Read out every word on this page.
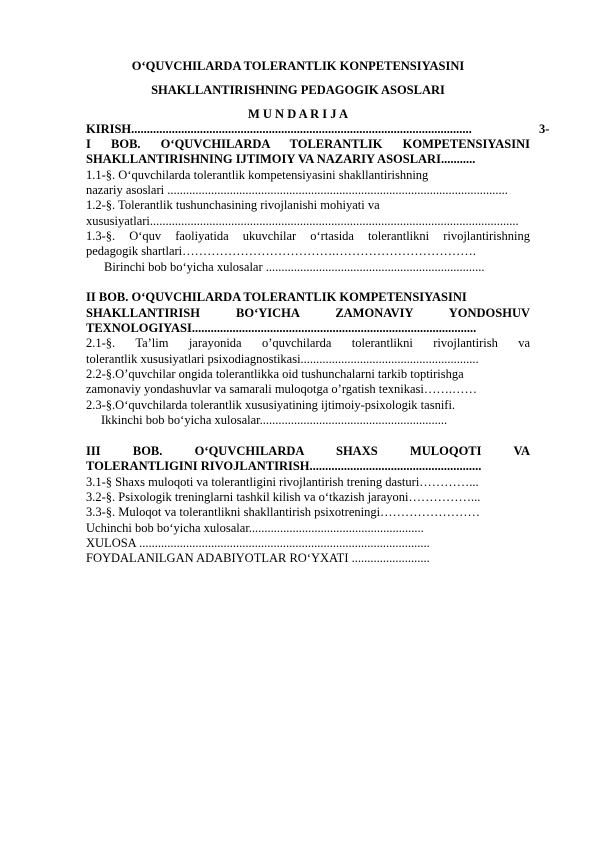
O‘QUVCHILARDA TOLERANTLIK KONPETENSIYASINI

SHAKLLANTIRISHNING PEDAGOGIK ASOSLARI

M U N D A R I J A

KIRISH.............................................................................................................	3-

I BOB. O‘QUVCHILARDA TOLERANTLIK KOMPETENSIYASINI

SHAKLLANTIRISHNING IJTIMOIY VA NAZARIY ASOSLARI...........

1.1-§. O‘quvchilarda tolerantlik kompetensiyasini shakllantirishning

nazariy asoslari .............................................................................................................

1.2-§. Tolerantlik tushunchasining rivojlanishi mohiyati va

xususiyatlari......................................................................................................................

1.3-§. O‘quv faoliyatida ukuvchilar o‘rtasida tolerantlikni rivojlantirishning

pedagogik shartlari……………………………….…………………………….

Birinchi bob bo‘yicha xulosalar ......................................................................

II BOB. O‘QUVCHILARDA TOLERANTLIK KOMPETENSIYASINI

SHAKLLANTIRISH BO‘YICHA ZAMONAVIY YONDOSHUV

TEXNOLOGIYASI...........................................................................................

2.1-§. Ta’lim jarayonida o’quvchilarda tolerantlikni rivojlantirish va

tolerantlik xususiyatlari psixodiagnostikasi.........................................................

2.2-§.O’quvchilar ongida tolerantlikka oid tushunchalarni tarkib toptirishga

zamonaviy yondashuvlar va samarali muloqotga o’rgatish texnikasi…….……

2.3-§.O‘quvchilarda tolerantlik xususiyatining ijtimoiy-psixologik tasnifi.

Ikkinchi bob bo‘yicha xulosalar............................................................

III BOB. O‘QUVCHILARDA SHAXS MULOQOTI VA

TOLERANTLIGINI RIVOJLANTIRISH.......................................................

3.1-§ Shaxs muloqoti va tolerantligini rivojlantirish trening dasturi…………...

3.2-§. Psixologik treninglarni tashkil kilish va o‘tkazish jarayoni……………...

3.3-§. Muloqot va tolerantlikni shakllantirish psixotreningi……………………

Uchinchi bob bo‘yicha xulosalar........................................................

XULOSA .............................................................................................

FOYDALANILGAN ADABIYOTLAR RO‘YXATI .........................
